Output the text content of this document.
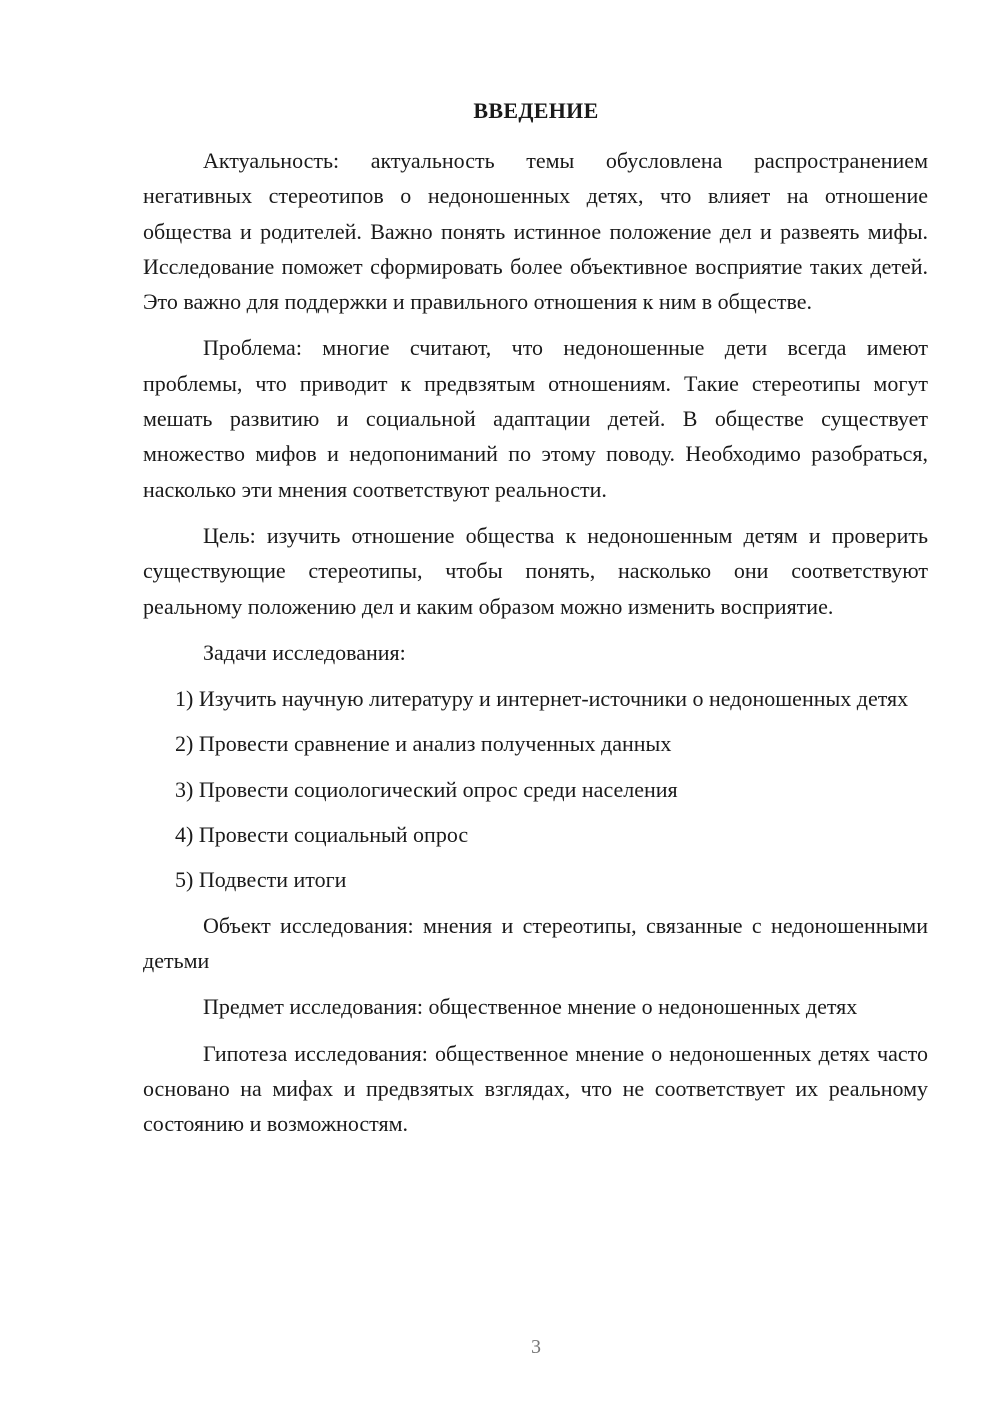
ВВЕДЕНИЕ

Актуальность: актуальность темы обусловлена распространением негативных стереотипов о недоношенных детях, что влияет на отношение общества и родителей. Важно понять истинное положение дел и развеять мифы. Исследование поможет сформировать более объективное восприятие таких детей. Это важно для поддержки и правильного отношения к ним в обществе.

Проблема: многие считают, что недоношенные дети всегда имеют проблемы, что приводит к предвзятым отношениям. Такие стереотипы могут мешать развитию и социальной адаптации детей. В обществе существует множество мифов и недопониманий по этому поводу. Необходимо разобраться, насколько эти мнения соответствуют реальности.

Цель: изучить отношение общества к недоношенным детям и проверить существующие стереотипы, чтобы понять, насколько они соответствуют реальному положению дел и каким образом можно изменить восприятие.

Задачи исследования:

1) Изучить научную литературу и интернет-источники о недоношенных детях

2) Провести сравнение и анализ полученных данных

3) Провести социологический опрос среди населения

4) Провести социальный опрос

5) Подвести итоги

Объект исследования: мнения и стереотипы, связанные с недоношенными детьми

Предмет исследования: общественное мнение о недоношенных детях

Гипотеза исследования: общественное мнение о недоношенных детях часто основано на мифах и предвзятых взглядах, что не соответствует их реальному состоянию и возможностям.

3
